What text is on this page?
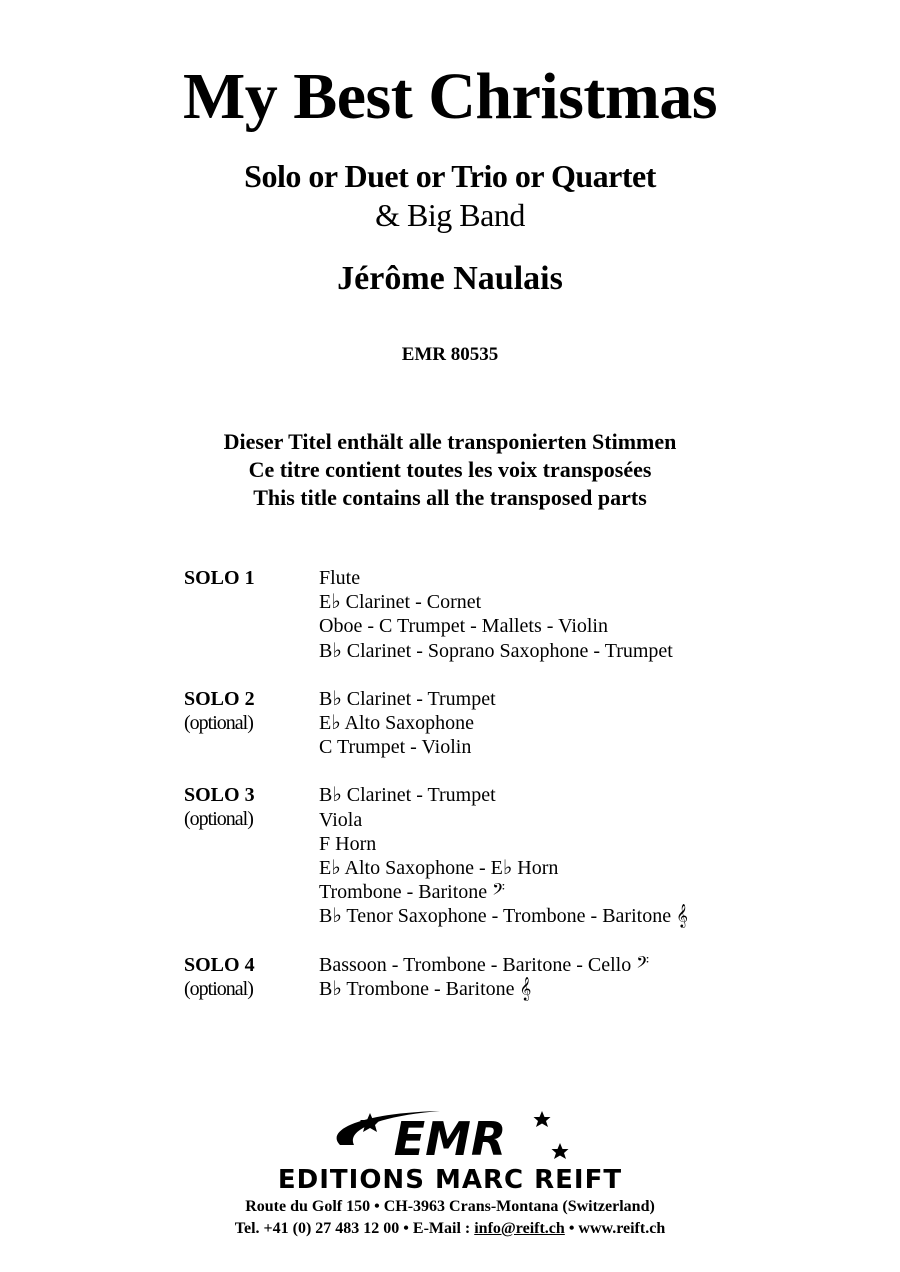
My Best Christmas
Solo or Duet or Trio or Quartet
& Big Band
Jérôme Naulais
EMR 80535
Dieser Titel enthält alle transponierten Stimmen
Ce titre contient toutes les voix transposées
This title contains all the transposed parts
SOLO 1	Flute
E♭ Clarinet - Cornet
Oboe - C Trumpet - Mallets - Violin
B♭ Clarinet - Soprano Saxophone - Trumpet
SOLO 2
(optional)
B♭ Clarinet - Trumpet
E♭ Alto Saxophone
C Trumpet - Violin
SOLO 3
(optional)
B♭ Clarinet - Trumpet
Viola
F Horn
E♭ Alto Saxophone - E♭ Horn
Trombone - Baritone 𝄢
B♭ Tenor Saxophone - Trombone - Baritone 𝄞
SOLO 4
(optional)
Bassoon - Trombone - Baritone - Cello 𝄢
B♭ Trombone - Baritone 𝄞
EMR
EDITIONS MARC REIFT
Route du Golf 150 • CH-3963 Crans-Montana (Switzerland)
Tel. +41 (0) 27 483 12 00 • E-Mail : info@reift.ch • www.reift.ch
